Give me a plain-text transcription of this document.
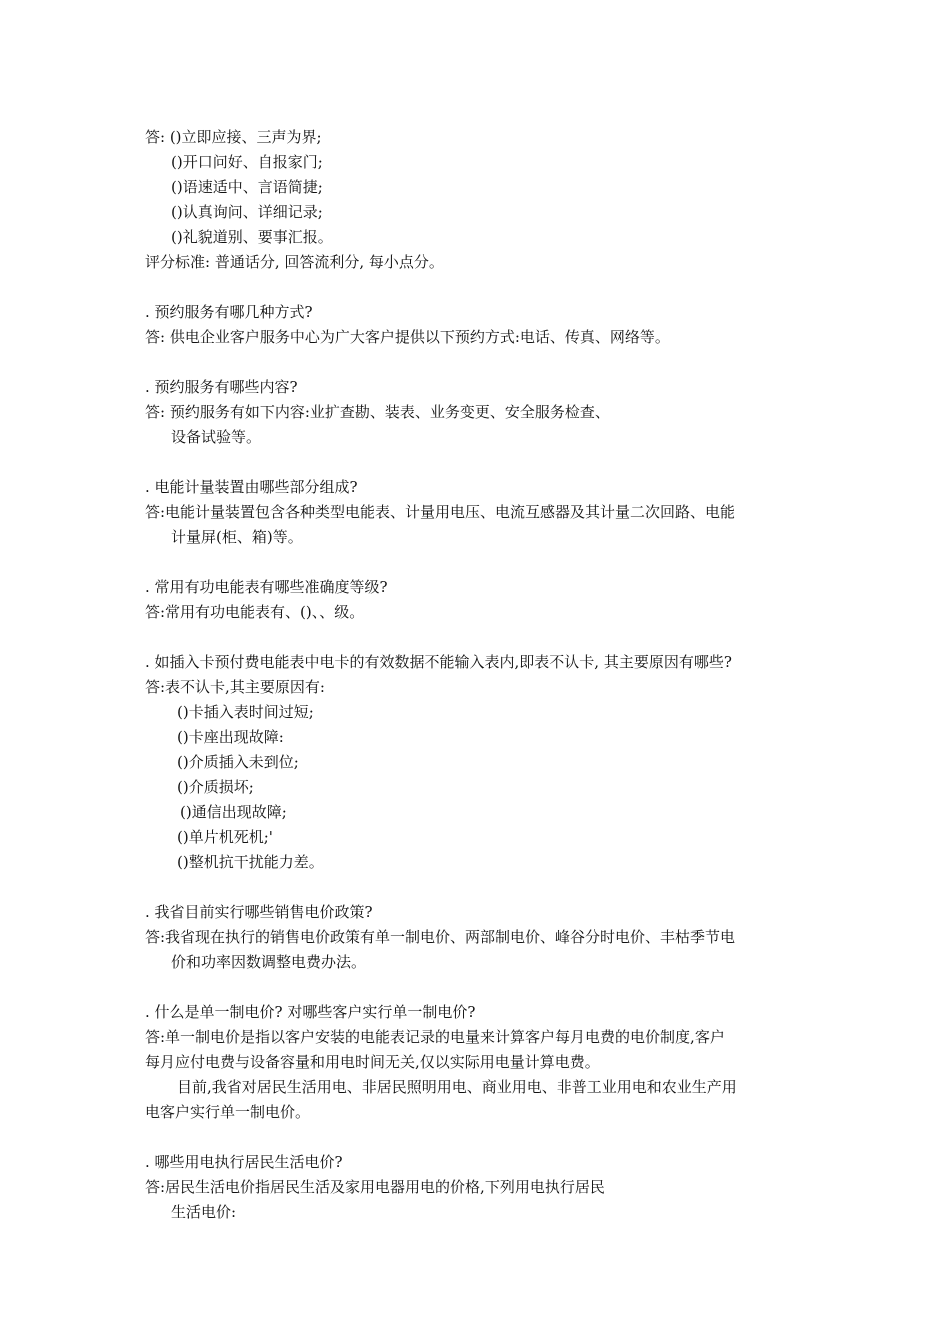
答: ()立即应接、三声为界;
()开口问好、自报家门;
()语速适中、言语简捷;
()认真询问、详细记录;
()礼貌道别、要事汇报。
评分标准: 普通话分, 回答流利分, 每小点分。
. 预约服务有哪几种方式?
答: 供电企业客户服务中心为广大客户提供以下预约方式:电话、传真、网络等。
. 预约服务有哪些内容?
答: 预约服务有如下内容:业扩查勘、装表、业务变更、安全服务检查、
设备试验等。
. 电能计量装置由哪些部分组成?
答:电能计量装置包含各种类型电能表、计量用电压、电流互感器及其计量二次回路、电能
计量屏(柜、箱)等。
. 常用有功电能表有哪些准确度等级?
答:常用有功电能表有、()、、级。
. 如插入卡预付费电能表中电卡的有效数据不能输入表内,即表不认卡, 其主要原因有哪些?
答:表不认卡,其主要原因有:
()卡插入表时间过短;
()卡座出现故障:
()介质插入未到位;
()介质损坏;
()通信出现故障;
()单片机死机;'
()整机抗干扰能力差。
. 我省目前实行哪些销售电价政策?
答:我省现在执行的销售电价政策有单一制电价、两部制电价、峰谷分时电价、丰枯季节电
价和功率因数调整电费办法。
. 什么是单一制电价? 对哪些客户实行单一制电价?
答:单一制电价是指以客户安装的电能表记录的电量来计算客户每月电费的电价制度,客户
每月应付电费与设备容量和用电时间无关,仅以实际用电量计算电费。
目前,我省对居民生活用电、非居民照明用电、商业用电、非普工业用电和农业生产用
电客户实行单一制电价。
. 哪些用电执行居民生活电价?
答:居民生活电价指居民生活及家用电器用电的价格,下列用电执行居民
生活电价:
